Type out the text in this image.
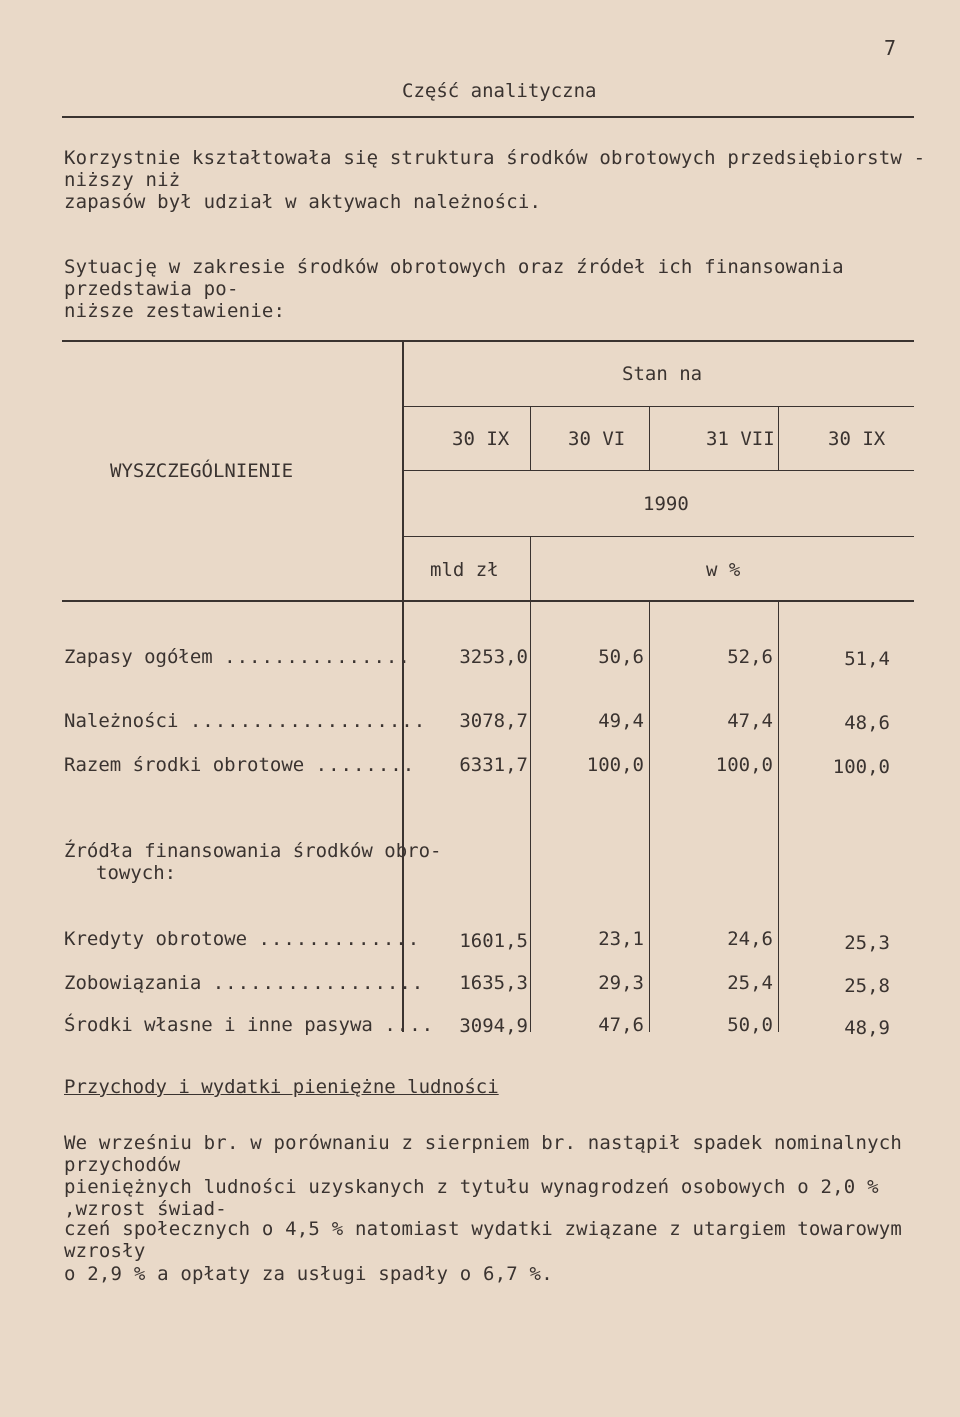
7
Część analityczna
Korzystnie kształtowała się struktura środków obrotowych przedsiębiorstw - niższy niż
zapasów był udział w aktywach należności.
Sytuację w zakresie środków obrotowych oraz źródeł ich finansowania przedstawia po-
niższe zestawienie:
WYSZCZEGÓLNIENIE
Stan na
30 IX	30 VI	31 VII	30 IX
1990
mld zł	w %
Zapasy ogółem ...............	3253,0	50,6	52,6	51,4
Należności ...................	3078,7	49,4	47,4	48,6
Razem środki obrotowe ........	6331,7	100,0	100,0	100,0
Źródła finansowania środków obro-
towych:
Kredyty obrotowe .............	1601,5	23,1	24,6	25,3
Zobowiązania .................	1635,3	29,3	25,4	25,8
Środki własne i inne pasywa ....	3094,9	47,6	50,0	48,9
Przychody i wydatki pieniężne ludności
We wrześniu br. w porównaniu z sierpniem br. nastąpił spadek nominalnych przychodów
pieniężnych ludności uzyskanych z tytułu wynagrodzeń osobowych o 2,0 % ,wzrost świad-
czeń społecznych o 4,5 % natomiast wydatki związane z utargiem towarowym wzrosły
o 2,9 % a opłaty za usługi spadły o 6,7 %.
